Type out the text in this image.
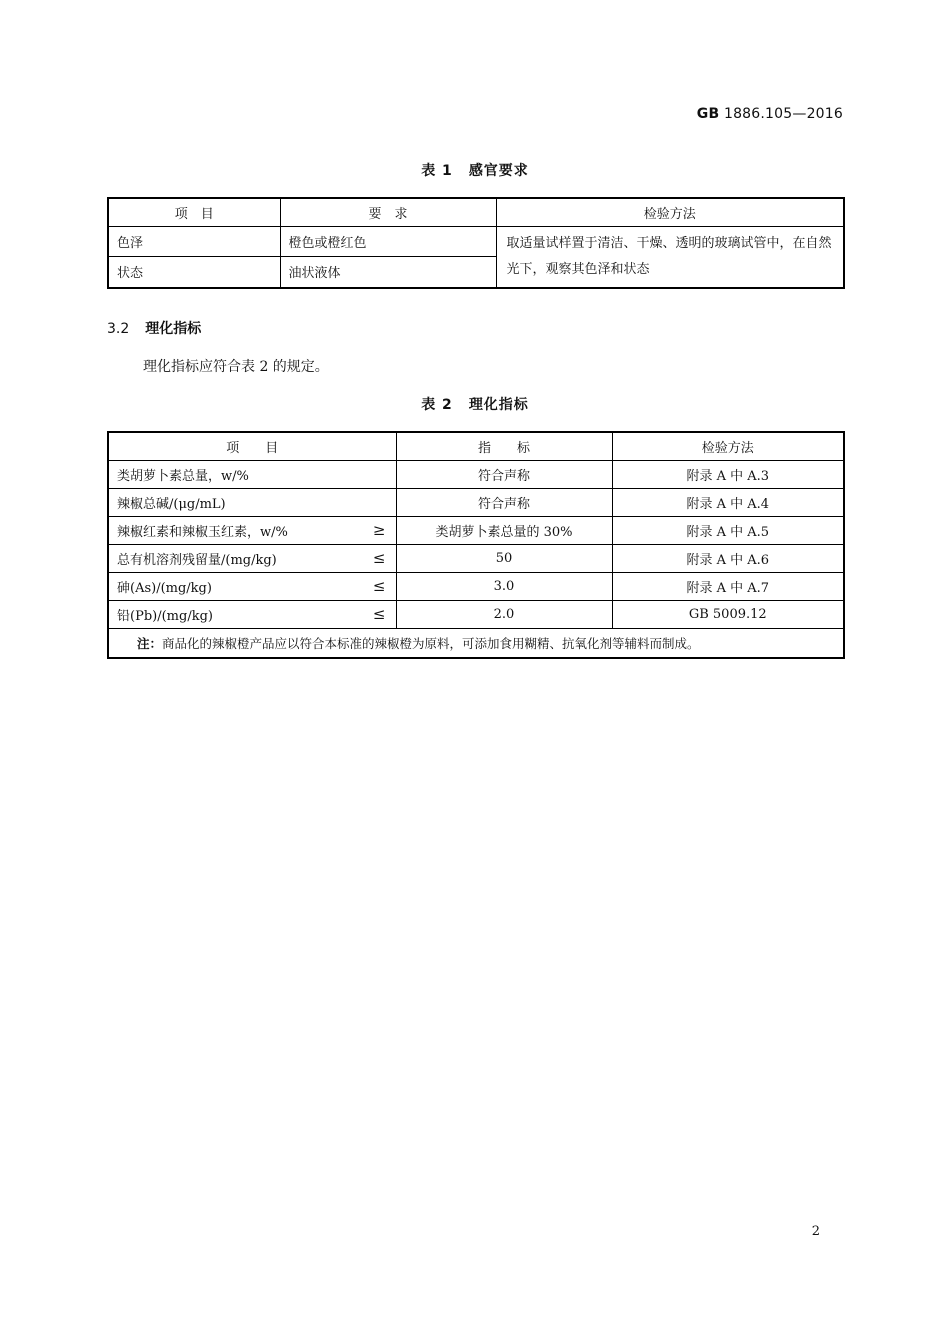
GB 1886.105—2016
表 1 感官要求
项　目	要　求	检验方法
色泽	橙色或橙红色	取适量试样置于清洁、干燥、透明的玻璃试管中，在自然光下，观察其色泽和状态
状态	油状液体	
3.2 理化指标
理化指标应符合表 2 的规定。
表 2 理化指标
项　　目	指　　标	检验方法
类胡萝卜素总量，w/%	符合声称	附录 A 中 A.3
辣椒总碱/(μg/mL)	符合声称	附录 A 中 A.4
辣椒红素和辣椒玉红素，w/% ≥	类胡萝卜素总量的 30%	附录 A 中 A.5
总有机溶剂残留量/(mg/kg) ≤	50	附录 A 中 A.6
砷(As)/(mg/kg) ≤	3.0	附录 A 中 A.7
铅(Pb)/(mg/kg) ≤	2.0	GB 5009.12
注：商品化的辣椒橙产品应以符合本标准的辣椒橙为原料，可添加食用糊精、抗氧化剂等辅料而制成。		
2
